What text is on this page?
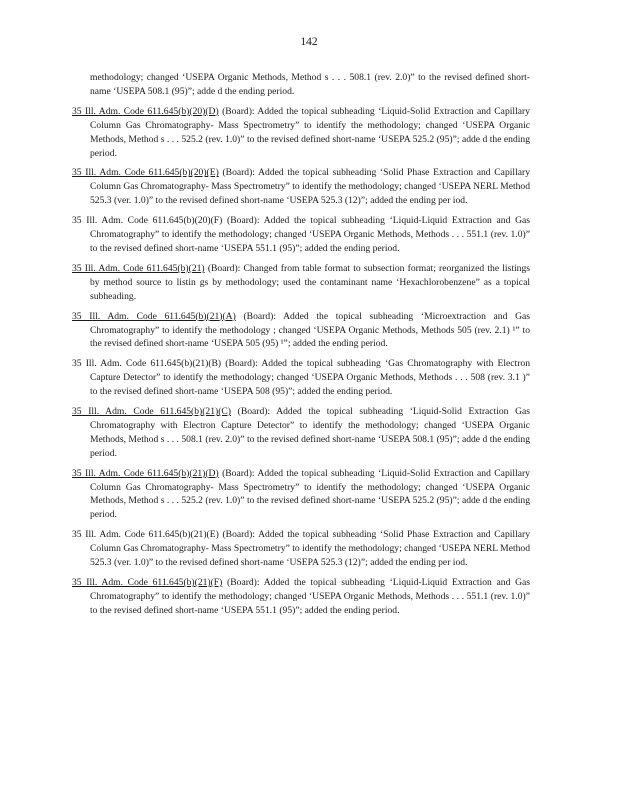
142
methodology; changed ‘USEPA Organic Methods, Method s . . . 508.1 (rev. 2.0)” to the revised defined short-name ‘USEPA 508.1 (95)”; adde d the ending period.
35 Ill. Adm. Code 611.645(b)(20)(D) (Board): Added the topical subheading ‘Liquid-Solid Extraction and Capillary Column Gas Chromatography- Mass Spectrometry” to identify the methodology; changed ‘USEPA Organic Methods, Method s . . . 525.2 (rev. 1.0)” to the revised defined short-name ‘USEPA 525.2 (95)”; adde d the ending period.
35 Ill. Adm. Code 611.645(b)(20)(E) (Board): Added the topical subheading ‘Solid Phase Extraction and Capillary Column Gas Chromatography- Mass Spectrometry” to identify the methodology; changed ‘USEPA NERL Method 525.3 (ver. 1.0)” to the revised defined short-name ‘USEPA 525.3 (12)”; added the ending per iod.
35 Ill. Adm. Code 611.645(b)(20)(F) (Board): Added the topical subheading ‘Liquid-Liquid Extraction and Gas Chromatography” to identify the methodology; changed ‘USEPA Organic Methods, Methods . . . 551.1 (rev. 1.0)” to the revised defined short-name ‘USEPA 551.1 (95)”; added the ending period.
35 Ill. Adm. Code 611.645(b)(21) (Board): Changed from table format to subsection format; reorganized the listings by method source to listin gs by methodology; used the contaminant name ‘Hexachlorobenzene” as a topical subheading.
35 Ill. Adm. Code 611.645(b)(21)(A) (Board): Added the topical subheading ‘Microextraction and Gas Chromatography” to identify the methodology ; changed ‘USEPA Organic Methods, Methods 505 (rev. 2.1) ¹” to the revised defined short-name ‘USEPA 505 (95) ¹”; added the ending period.
35 Ill. Adm. Code 611.645(b)(21)(B) (Board): Added the topical subheading ‘Gas Chromatography with Electron Capture Detector” to identify the methodology; changed ‘USEPA Organic Methods, Methods . . . 508 (rev. 3.1 )” to the revised defined short-name ‘USEPA 508 (95)”; added the ending period.
35 Ill. Adm. Code 611.645(b)(21)(C) (Board): Added the topical subheading ‘Liquid-Solid Extraction Gas Chromatography with Electron Capture Detector” to identify the methodology; changed ‘USEPA Organic Methods, Method s . . . 508.1 (rev. 2.0)” to the revised defined short-name ‘USEPA 508.1 (95)”; adde d the ending period.
35 Ill. Adm. Code 611.645(b)(21)(D) (Board): Added the topical subheading ‘Liquid-Solid Extraction and Capillary Column Gas Chromatography- Mass Spectrometry” to identify the methodology; changed ‘USEPA Organic Methods, Method s . . . 525.2 (rev. 1.0)” to the revised defined short-name ‘USEPA 525.2 (95)”; adde d the ending period.
35 Ill. Adm. Code 611.645(b)(21)(E) (Board): Added the topical subheading ‘Solid Phase Extraction and Capillary Column Gas Chromatography- Mass Spectrometry” to identify the methodology; changed ‘USEPA NERL Method 525.3 (ver. 1.0)” to the revised defined short-name ‘USEPA 525.3 (12)”; added the ending per iod.
35 Ill. Adm. Code 611.645(b)(21)(F) (Board): Added the topical subheading ‘Liquid-Liquid Extraction and Gas Chromatography” to identify the methodology; changed ‘USEPA Organic Methods, Methods . . . 551.1 (rev. 1.0)” to the revised defined short-name ‘USEPA 551.1 (95)”; added the ending period.
